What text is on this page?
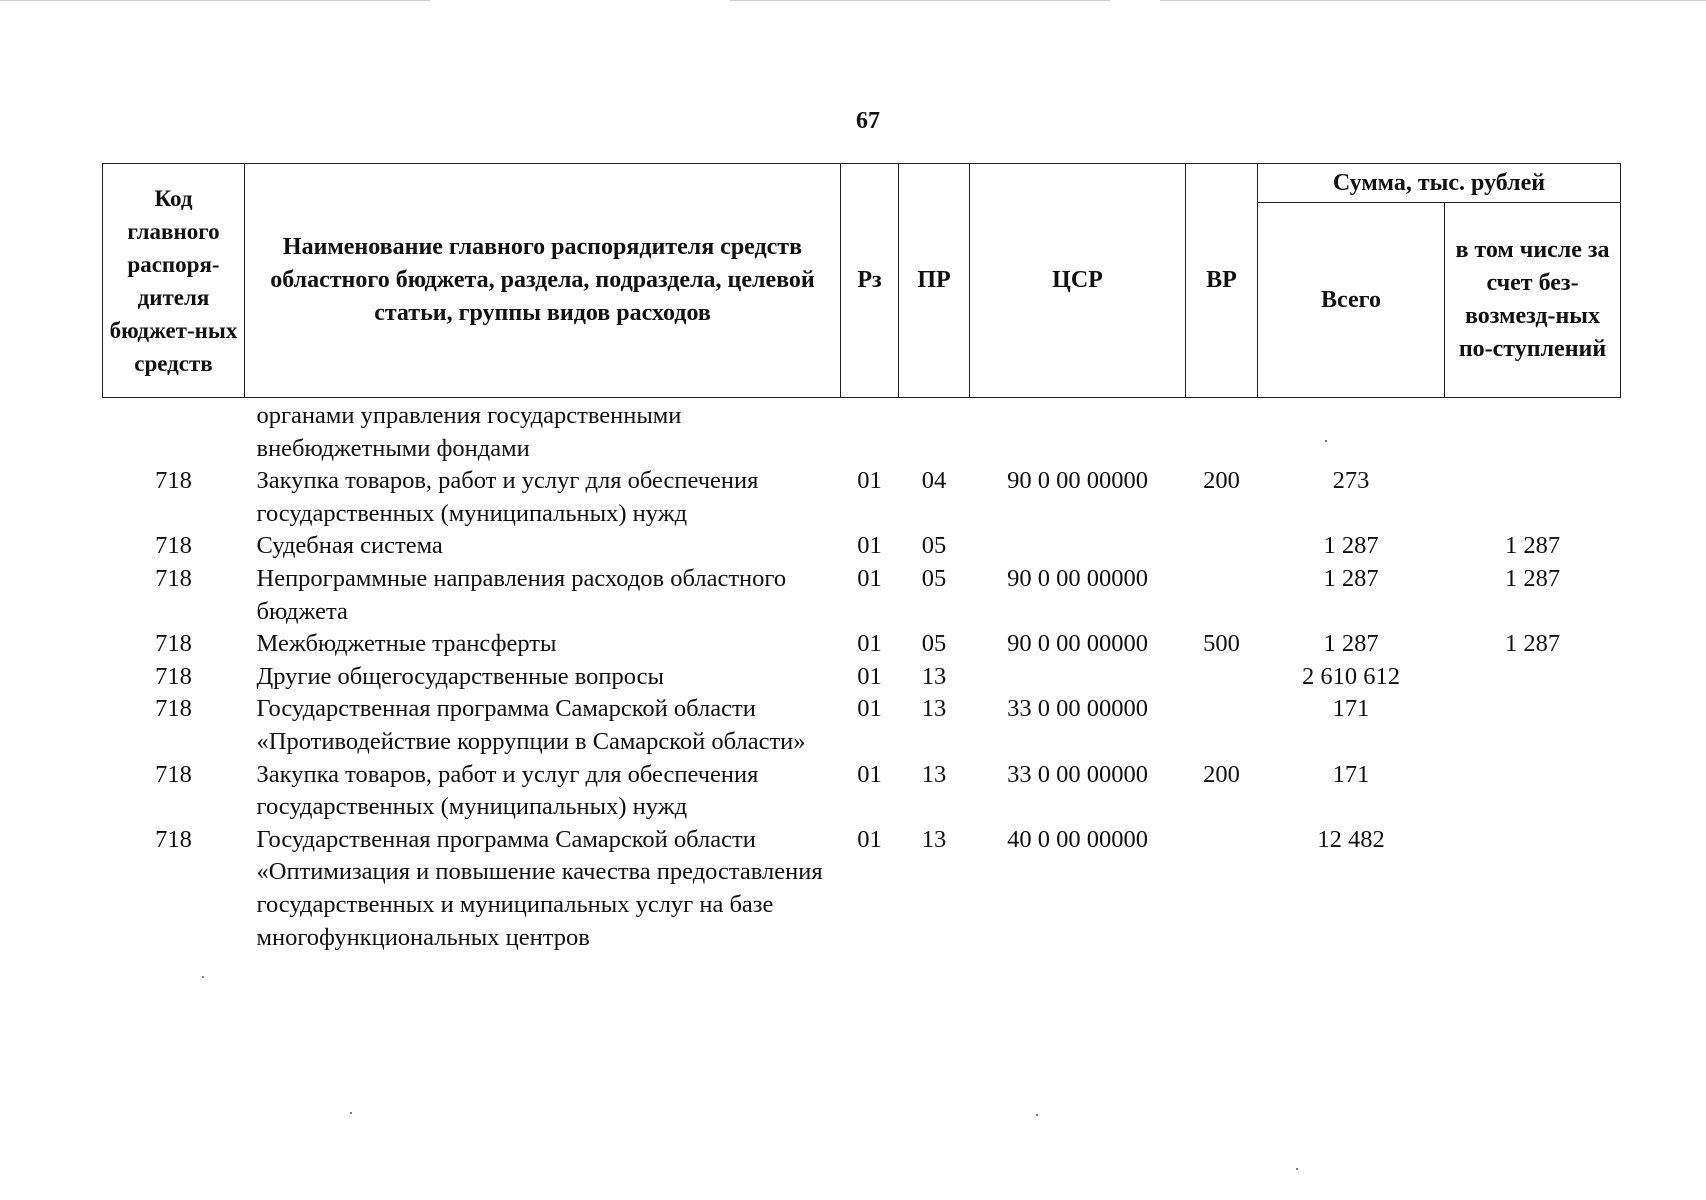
67
Код главного распоря-дителя бюджет-ных средств	Наименование главного распорядителя средств областного бюджета, раздела, подраздела, целевой статьи, группы видов расходов	Рз	ПР	ЦСР	ВР	Сумма, тыс. рублей	
						Всего	в том числе за счет без-возмезд-ных по-ступлений
	органами управления государственными внебюджетными фондами						
718	Закупка товаров, работ и услуг для обеспечения государственных (муниципальных) нужд	01	04	90 0 00 00000	200	273	
718	Судебная система	01	05			1 287	1 287
718	Непрограммные направления расходов областного бюджета	01	05	90 0 00 00000		1 287	1 287
718	Межбюджетные трансферты	01	05	90 0 00 00000	500	1 287	1 287
718	Другие общегосударственные вопросы	01	13			2 610 612	
718	Государственная программа Самарской области «Противодействие коррупции в Самарской области»	01	13	33 0 00 00000		171	
718	Закупка товаров, работ и услуг для обеспечения государственных (муниципальных) нужд	01	13	33 0 00 00000	200	171	
718	Государственная программа Самарской области «Оптимизация и повышение качества предоставления государственных и муниципальных услуг на базе многофункциональных центров	01	13	40 0 00 00000		12 482	
